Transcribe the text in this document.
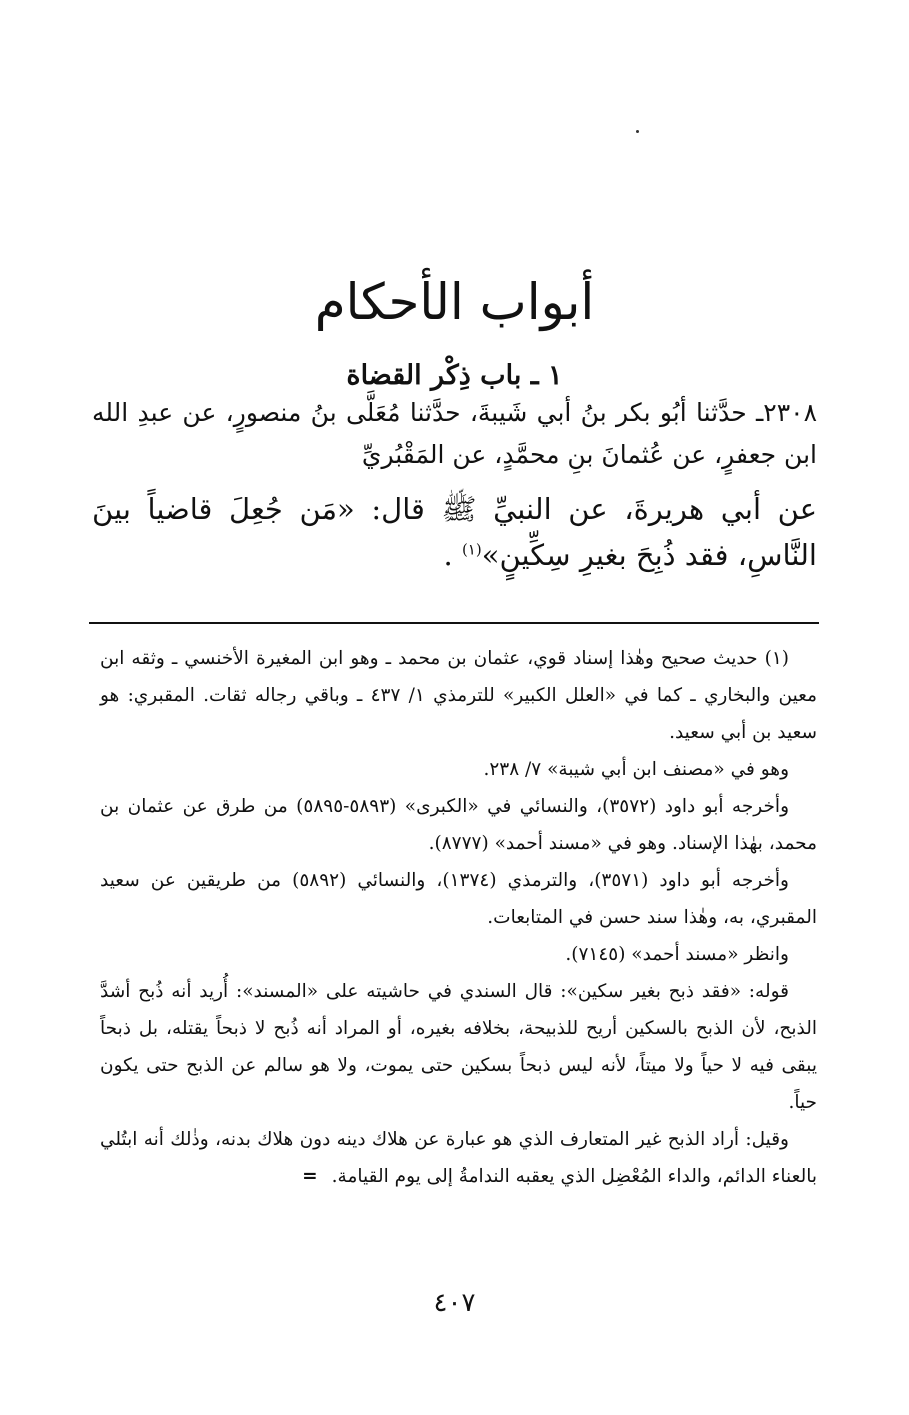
أبواب الأحكام
١ ـ باب ذِكْر القضاة

٢٣٠٨ـ حدَّثنا أبُو بكر بنُ أبي شَيبةَ، حدَّثنا مُعَلَّى بنُ منصورٍ، عن عبدِ الله ابن جعفرٍ، عن عُثمانَ بنِ محمَّدٍ، عن المَقْبُريِّ

عن أبي هريرةَ، عن النبيِّ ﷺ قال: «مَن جُعِلَ قاضياً بينَ النَّاسِ، فقد ذُبِحَ بغيرِ سِكِّينٍ»$^{(١)}$ .

(١) حديث صحيح وهٰذا إسناد قوي، عثمان بن محمد ـ وهو ابن المغيرة الأخنسي ـ وثقه ابن معين والبخاري ـ كما في «العلل الكبير» للترمذي ١/ ٤٣٧ ـ وباقي رجاله ثقات. المقبري: هو سعيد بن أبي سعيد.

وهو في «مصنف ابن أبي شيبة» ٧/ ٢٣٨.

وأخرجه أبو داود (٣٥٧٢)، والنسائي في «الكبرى» (٥٨٩٣-٥٨٩٥) من طرق عن عثمان بن محمد، بهٰذا الإسناد. وهو في «مسند أحمد» (٨٧٧٧).

وأخرجه أبو داود (٣٥٧١)، والترمذي (١٣٧٤)، والنسائي (٥٨٩٢) من طريقين عن سعيد المقبري، به، وهٰذا سند حسن في المتابعات.

وانظر «مسند أحمد» (٧١٤٥).

قوله: «فقد ذبح بغير سكين»: قال السندي في حاشيته على «المسند»: أُريد أنه ذُبح أشدَّ الذبح، لأن الذبح بالسكين أريح للذبيحة، بخلافه بغيره، أو المراد أنه ذُبح لا ذبحاً يقتله، بل ذبحاً يبقى فيه لا حياً ولا ميتاً، لأنه ليس ذبحاً بسكين حتى يموت، ولا هو سالم عن الذبح حتى يكون حياً.

وقيل: أراد الذبح غير المتعارف الذي هو عبارة عن هلاك دينه دون هلاك بدنه، وذٰلك أنه ابتُلي بالعناء الدائم، والداء المُعْضِل الذي يعقبه الندامةُ إلى يوم القيامة.=

٤٠٧
